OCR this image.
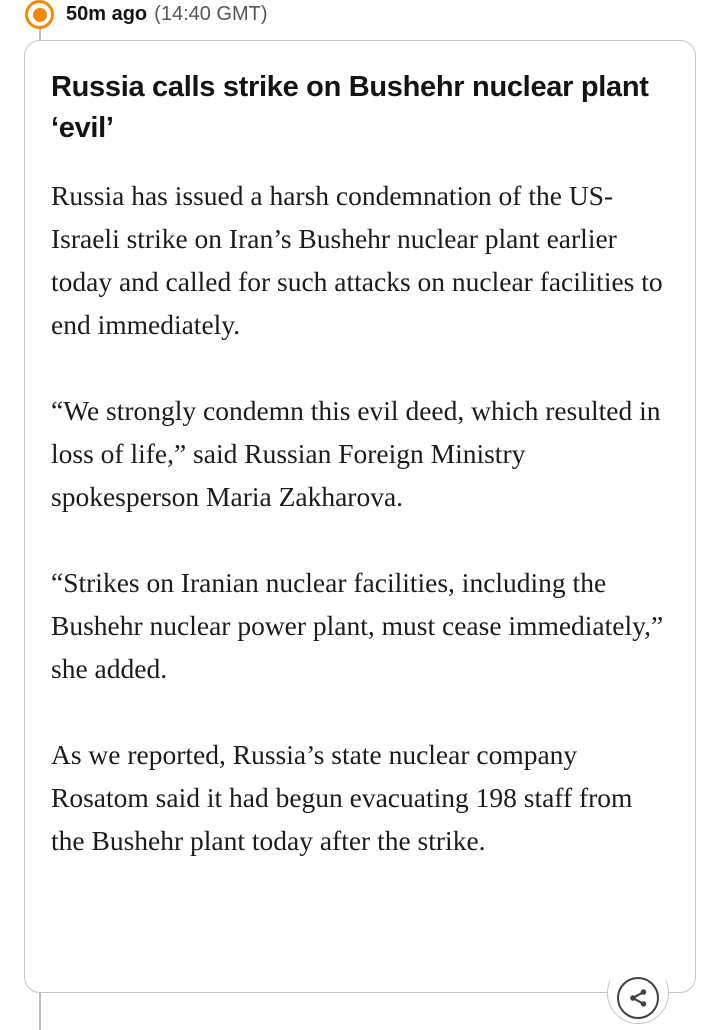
50m ago (14:40 GMT)
Russia calls strike on Bushehr nuclear plant ‘evil’

Russia has issued a harsh condemnation of the US-Israeli strike on Iran’s Bushehr nuclear plant earlier today and called for such attacks on nuclear facilities to end immediately.

“We strongly condemn this evil deed, which resulted in loss of life,” said Russian Foreign Ministry spokesperson Maria Zakharova.

“Strikes on Iranian nuclear facilities, including the Bushehr nuclear power plant, must cease immediately,” she added.

As we reported, Russia’s state nuclear company Rosatom said it had begun evacuating 198 staff from the Bushehr plant today after the strike.
